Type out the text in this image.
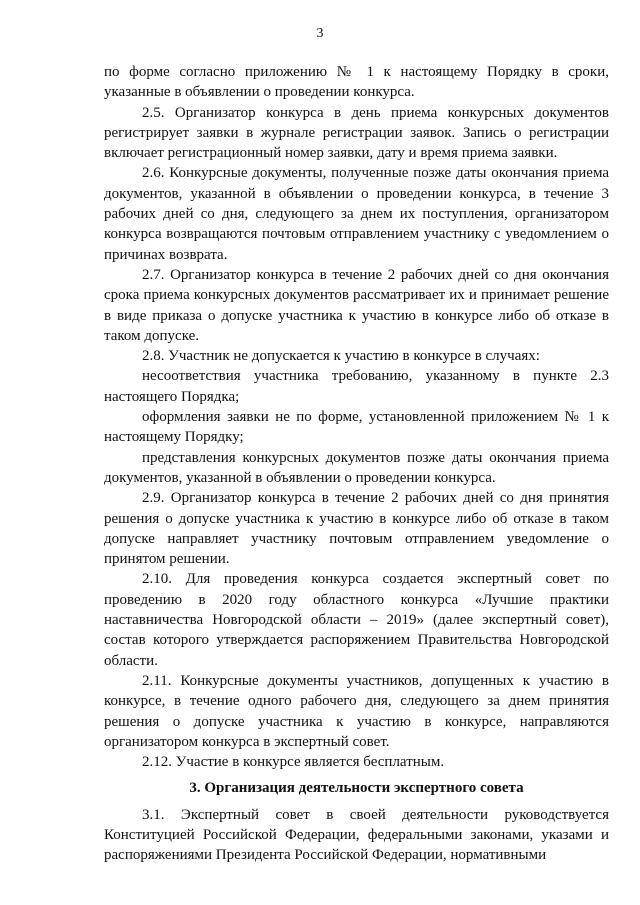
3

по форме согласно приложению № 1 к настоящему Порядку в сроки, указанные в объявлении о проведении конкурса.

2.5. Организатор конкурса в день приема конкурсных документов регистрирует заявки в журнале регистрации заявок. Запись о регистрации включает регистрационный номер заявки, дату и время приема заявки.

2.6. Конкурсные документы, полученные позже даты окончания приема документов, указанной в объявлении о проведении конкурса, в течение 3 рабочих дней со дня, следующего за днем их поступления, организатором конкурса возвращаются почтовым отправлением участнику с уведомлением о причинах возврата.

2.7. Организатор конкурса в течение 2 рабочих дней со дня окончания срока приема конкурсных документов рассматривает их и принимает решение в виде приказа о допуске участника к участию в конкурсе либо об отказе в таком допуске.

2.8. Участник не допускается к участию в конкурсе в случаях:

несоответствия участника требованию, указанному в пункте 2.3 настоящего Порядка;

оформления заявки не по форме, установленной приложением № 1 к настоящему Порядку;

представления конкурсных документов позже даты окончания приема документов, указанной в объявлении о проведении конкурса.

2.9. Организатор конкурса в течение 2 рабочих дней со дня принятия решения о допуске участника к участию в конкурсе либо об отказе в таком допуске направляет участнику почтовым отправлением уведомление о принятом решении.

2.10. Для проведения конкурса создается экспертный совет по проведению в 2020 году областного конкурса «Лучшие практики наставничества Новгородской области – 2019» (далее экспертный совет), состав которого утверждается распоряжением Правительства Новгородской области.

2.11. Конкурсные документы участников, допущенных к участию в конкурсе, в течение одного рабочего дня, следующего за днем принятия решения о допуске участника к участию в конкурсе, направляются организатором конкурса в экспертный совет.

2.12. Участие в конкурсе является бесплатным.

3. Организация деятельности экспертного совета

3.1. Экспертный совет в своей деятельности руководствуется Конституцией Российской Федерации, федеральными законами, указами и распоряжениями Президента Российской Федерации, нормативными
